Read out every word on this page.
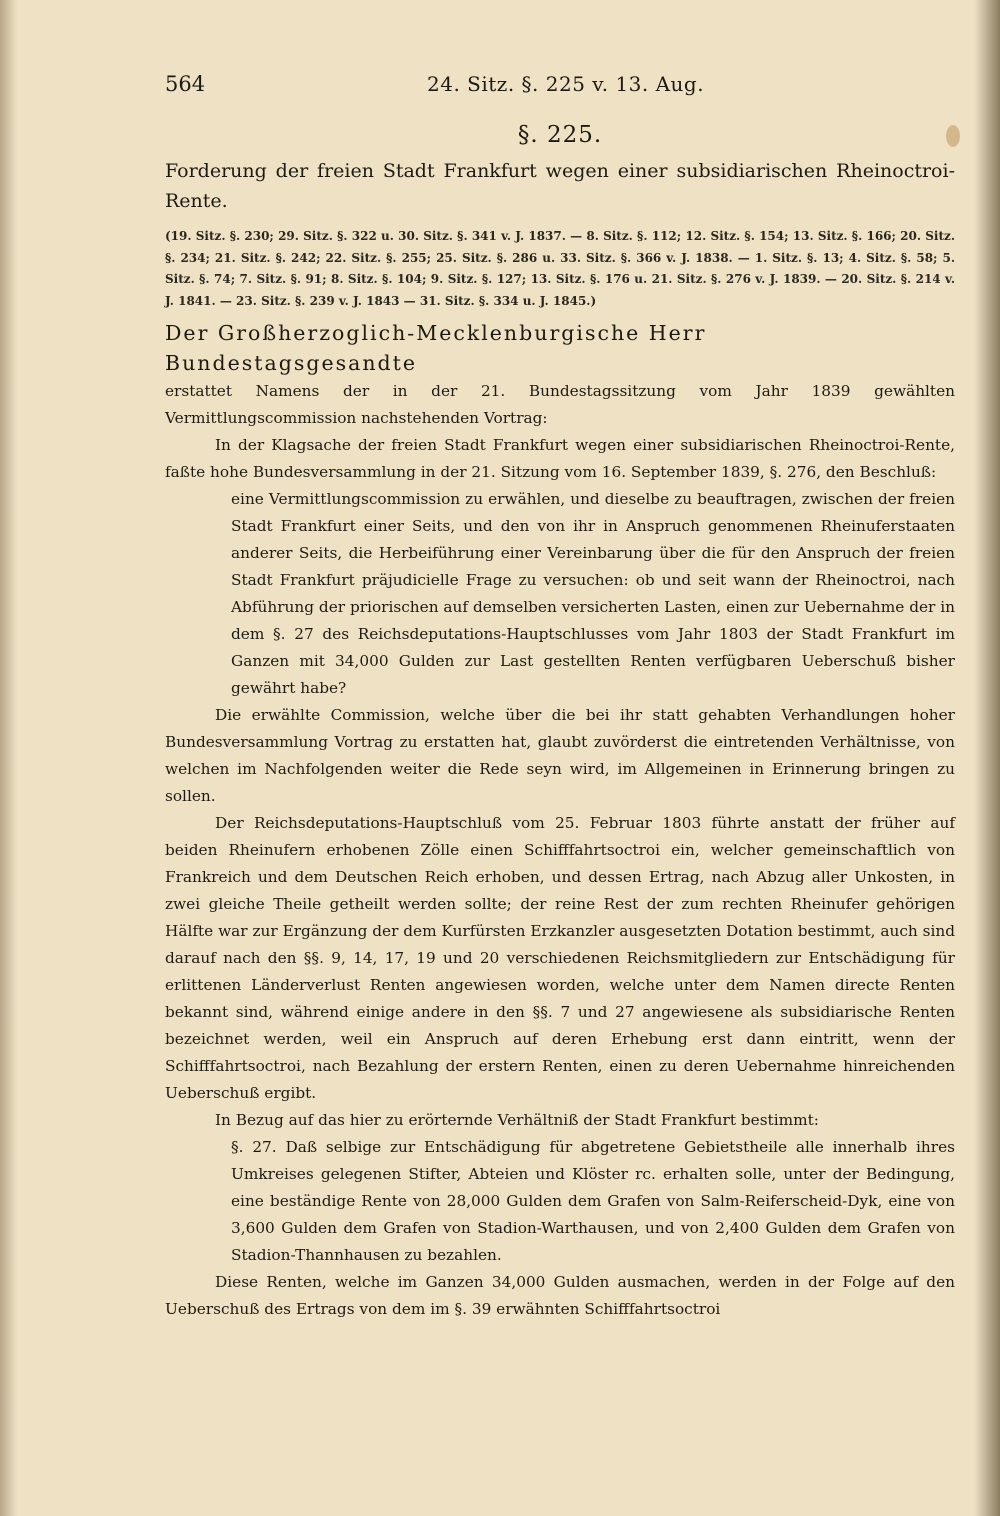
564	24. Sitz. §. 225 v. 13. Aug.
§. 225.
Forderung der freien Stadt Frankfurt wegen einer subsidiarischen Rheinoctroi-Rente.
(19. Sitz. §. 230; 29. Sitz. §. 322 u. 30. Sitz. §. 341 v. J. 1837. — 8. Sitz. §. 112; 12. Sitz. §. 154; 13. Sitz. §. 166; 20. Sitz. §. 234; 21. Sitz. §. 242; 22. Sitz. §. 255; 25. Sitz. §. 286 u. 33. Sitz. §. 366 v. J. 1838. — 1. Sitz. §. 13; 4. Sitz. §. 58; 5. Sitz. §. 74; 7. Sitz. §. 91; 8. Sitz. §. 104; 9. Sitz. §. 127; 13. Sitz. §. 176 u. 21. Sitz. §. 276 v. J. 1839. — 20. Sitz. §. 214 v. J. 1841. — 23. Sitz. §. 239 v. J. 1843 — 31. Sitz. §. 334 u. J. 1845.)
Der Großherzoglich-Mecklenburgische Herr Bundestagsgesandte

erstattet Namens der in der 21. Bundestagssitzung vom Jahr 1839 gewählten Vermittlungscommission nachstehenden Vortrag:

In der Klagsache der freien Stadt Frankfurt wegen einer subsidiarischen Rheinoctroi-Rente, faßte hohe Bundesversammlung in der 21. Sitzung vom 16. September 1839, §. 276, den Beschluß:

eine Vermittlungscommission zu erwählen, und dieselbe zu beauftragen, zwischen der freien Stadt Frankfurt einer Seits, und den von ihr in Anspruch genommenen Rheinuferstaaten anderer Seits, die Herbeiführung einer Vereinbarung über die für den Anspruch der freien Stadt Frankfurt präjudicielle Frage zu versuchen: ob und seit wann der Rheinoctroi, nach Abführung der priorischen auf demselben versicherten Lasten, einen zur Uebernahme der in dem §. 27 des Reichsdeputations-Hauptschlusses vom Jahr 1803 der Stadt Frankfurt im Ganzen mit 34,000 Gulden zur Last gestellten Renten verfügbaren Ueberschuß bisher gewährt habe?

Die erwählte Commission, welche über die bei ihr statt gehabten Verhandlungen hoher Bundesversammlung Vortrag zu erstatten hat, glaubt zuvörderst die eintretenden Verhältnisse, von welchen im Nachfolgenden weiter die Rede seyn wird, im Allgemeinen in Erinnerung bringen zu sollen.

Der Reichsdeputations-Hauptschluß vom 25. Februar 1803 führte anstatt der früher auf beiden Rheinufern erhobenen Zölle einen Schifffahrtsoctroi ein, welcher gemeinschaftlich von Frankreich und dem Deutschen Reich erhoben, und dessen Ertrag, nach Abzug aller Unkosten, in zwei gleiche Theile getheilt werden sollte; der reine Rest der zum rechten Rheinufer gehörigen Hälfte war zur Ergänzung der dem Kurfürsten Erzkanzler ausgesetzten Dotation bestimmt, auch sind darauf nach den §§. 9, 14, 17, 19 und 20 verschiedenen Reichsmitgliedern zur Entschädigung für erlittenen Länderverlust Renten angewiesen worden, welche unter dem Namen directe Renten bekannt sind, während einige andere in den §§. 7 und 27 angewiesene als subsidiarische Renten bezeichnet werden, weil ein Anspruch auf deren Erhebung erst dann eintritt, wenn der Schifffahrtsoctroi, nach Bezahlung der erstern Renten, einen zu deren Uebernahme hinreichenden Ueberschuß ergibt.

In Bezug auf das hier zu erörternde Verhältniß der Stadt Frankfurt bestimmt:

§. 27. Daß selbige zur Entschädigung für abgetretene Gebietstheile alle innerhalb ihres Umkreises gelegenen Stifter, Abteien und Klöster rc. erhalten solle, unter der Bedingung, eine beständige Rente von 28,000 Gulden dem Grafen von Salm-Reiferscheid-Dyk, eine von 3,600 Gulden dem Grafen von Stadion-Warthausen, und von 2,400 Gulden dem Grafen von Stadion-Thannhausen zu bezahlen.

Diese Renten, welche im Ganzen 34,000 Gulden ausmachen, werden in der Folge auf den Ueberschuß des Ertrags von dem im §. 39 erwähnten Schifffahrtsoctroi
